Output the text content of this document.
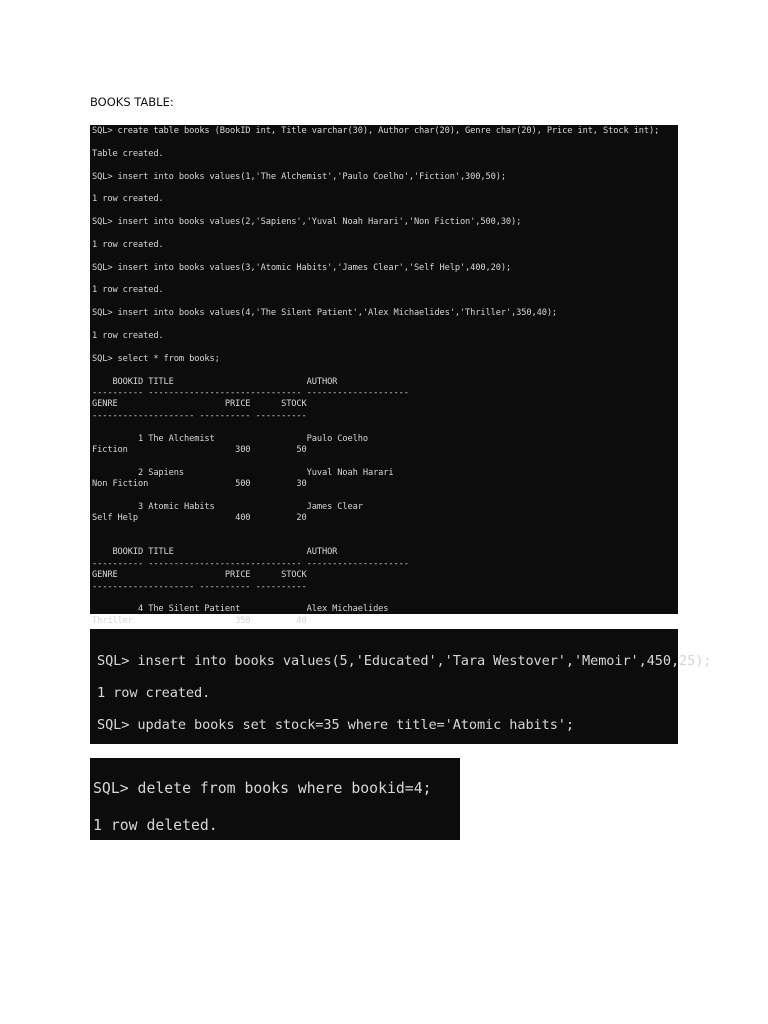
BOOKS TABLE:
SQL> create table books (BookID int, Title varchar(30), Author char(20), Genre char(20), Price int, Stock int);

Table created.

SQL> insert into books values(1,'The Alchemist','Paulo Coelho','Fiction',300,50);

1 row created.

SQL> insert into books values(2,'Sapiens','Yuval Noah Harari','Non Fiction',500,30);

1 row created.

SQL> insert into books values(3,'Atomic Habits','James Clear','Self Help',400,20);

1 row created.

SQL> insert into books values(4,'The Silent Patient','Alex Michaelides','Thriller',350,40);

1 row created.

SQL> select * from books;

BOOKID TITLE                          AUTHOR
---------- ------------------------------ --------------------
GENRE                     PRICE      STOCK
-------------------- ---------- ----------

1 The Alchemist                  Paulo Coelho
Fiction                     300         50

2 Sapiens                        Yuval Noah Harari
Non Fiction                 500         30

3 Atomic Habits                  James Clear
Self Help                   400         20

BOOKID TITLE                          AUTHOR
---------- ------------------------------ --------------------
GENRE                     PRICE      STOCK
-------------------- ---------- ----------

4 The Silent Patient             Alex Michaelides
Thriller                    350         40
SQL> insert into books values(5,'Educated','Tara Westover','Memoir',450,25);
1 row created.
SQL> update books set stock=35 where title='Atomic habits';
SQL> delete from books where bookid=4;
1 row deleted.
